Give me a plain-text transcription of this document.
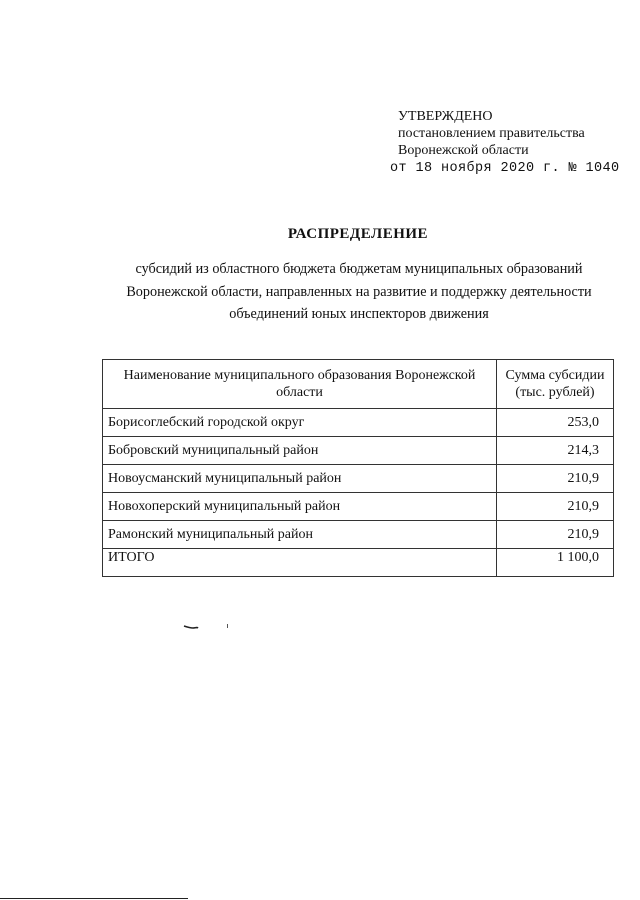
УТВЕРЖДЕНО
постановлением правительства
Воронежской области
от 18 ноября 2020 г. № 1040
РАСПРЕДЕЛЕНИЕ
субсидий из областного бюджета бюджетам муниципальных образований
Воронежской области, направленных на развитие и поддержку деятельности
объединений юных инспекторов движения
Наименование муниципального образования Воронежской области	Сумма субсидии (тыс. рублей)
Борисоглебский городской округ	253,0
Бобровский муниципальный район	214,3
Новоусманский муниципальный район	210,9
Новохоперский муниципальный район	210,9
Рамонский муниципальный район	210,9
ИТОГО	1 100,0
